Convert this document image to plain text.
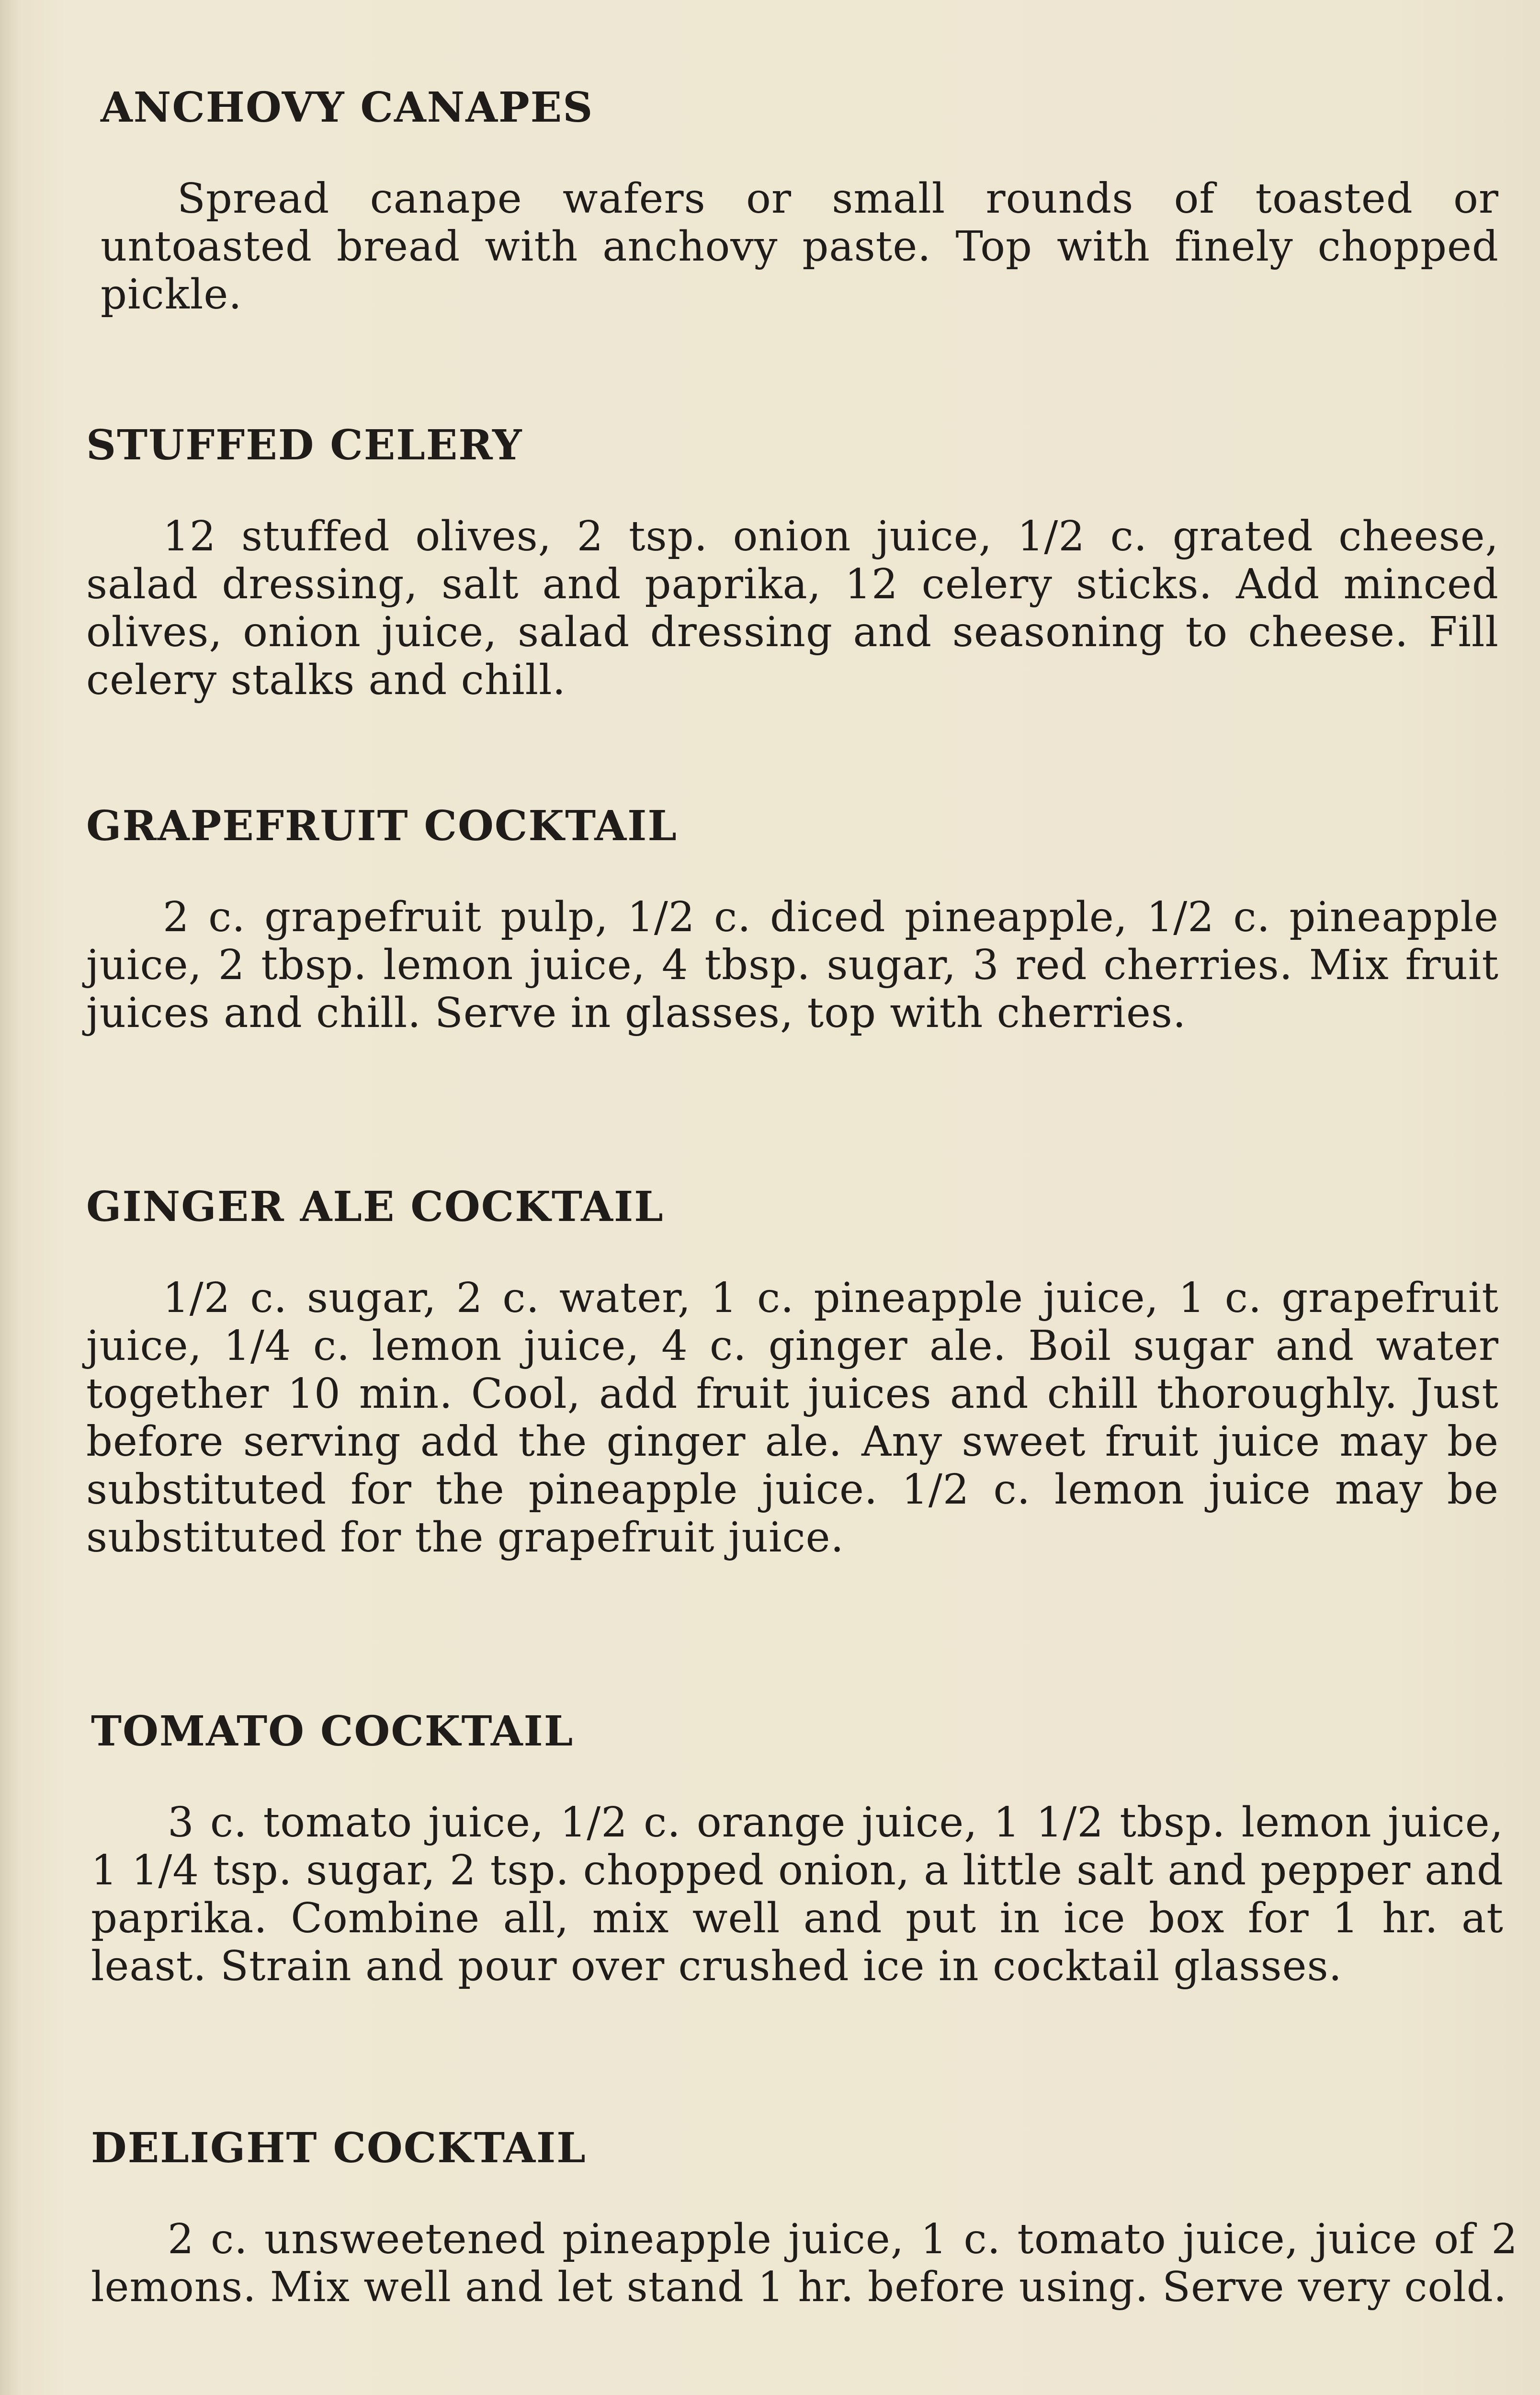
ANCHOVY CANAPES

Spread canape wafers or small rounds of toasted or untoasted bread with anchovy paste. Top with finely chopped pickle.

STUFFED CELERY

12 stuffed olives, 2 tsp. onion juice, 1/2 c. grated cheese, salad dressing, salt and paprika, 12 celery sticks. Add minced olives, onion juice, salad dressing and seasoning to cheese. Fill celery stalks and chill.

GRAPEFRUIT COCKTAIL

2 c. grapefruit pulp, 1/2 c. diced pineapple, 1/2 c. pineapple juice, 2 tbsp. lemon juice, 4 tbsp. sugar, 3 red cherries. Mix fruit juices and chill. Serve in glasses, top with cherries.

GINGER ALE COCKTAIL

1/2 c. sugar, 2 c. water, 1 c. pineapple juice, 1 c. grapefruit juice, 1/4 c. lemon juice, 4 c. ginger ale. Boil sugar and water together 10 min. Cool, add fruit juices and chill thoroughly. Just before serving add the ginger ale. Any sweet fruit juice may be substituted for the pineapple juice. 1/2 c. lemon juice may be substituted for the grapefruit juice.

TOMATO COCKTAIL

3 c. tomato juice, 1/2 c. orange juice, 1 1/2 tbsp. lemon juice, 1 1/4 tsp. sugar, 2 tsp. chopped onion, a little salt and pepper and paprika. Combine all, mix well and put in ice box for 1 hr. at least. Strain and pour over crushed ice in cocktail glasses.

DELIGHT COCKTAIL

2 c. unsweetened pineapple juice, 1 c. tomato juice, juice of 2 lemons. Mix well and let stand 1 hr. before using. Serve very cold.
